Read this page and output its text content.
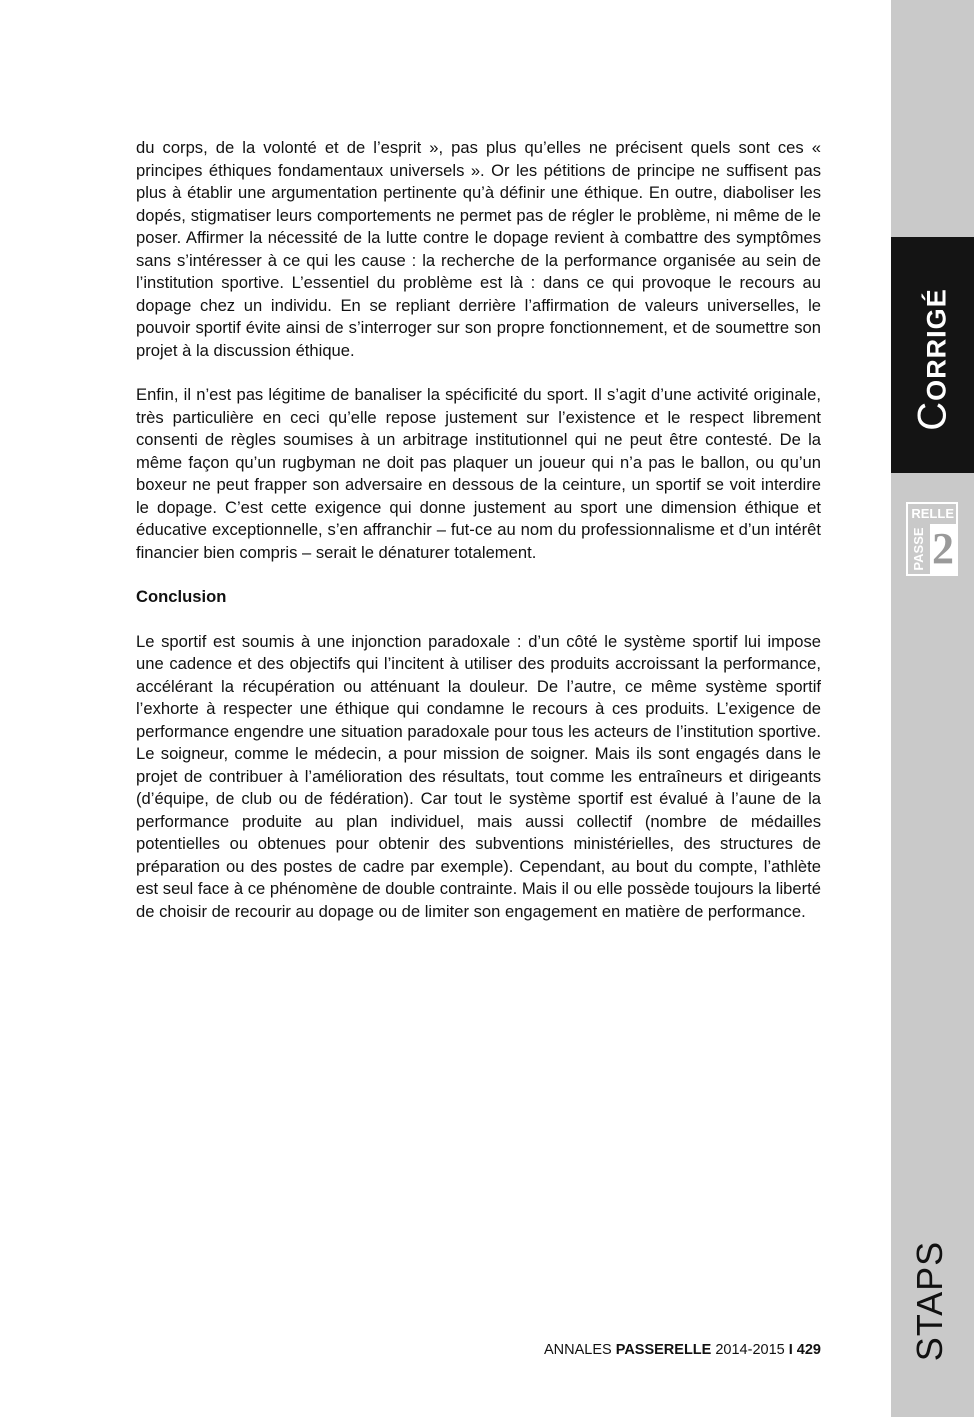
du corps, de la volonté et de l’esprit », pas plus qu’elles ne précisent quels sont ces « principes éthiques fondamentaux universels ». Or les pétitions de principe ne suffisent pas plus à établir une argumentation pertinente qu’à définir une éthique. En outre, diaboliser les dopés, stigmatiser leurs comportements ne permet pas de régler le problème, ni même de le poser. Affirmer la nécessité de la lutte contre le dopage revient à combattre des symptômes sans s’intéresser à ce qui les cause : la recherche de la performance organisée au sein de l’institution sportive. L’essentiel du problème est là : dans ce qui provoque le recours au dopage chez un individu. En se repliant derrière l’affirmation de valeurs universelles, le pouvoir sportif évite ainsi de s’interroger sur son propre fonctionnement, et de soumettre son projet à la discussion éthique.

Enfin, il n’est pas légitime de banaliser la spécificité du sport. Il s’agit d’une activité originale, très particulière en ceci qu’elle repose justement sur l’existence et le respect librement consenti de règles soumises à un arbitrage institutionnel qui ne peut être contesté. De la même façon qu’un rugbyman ne doit pas plaquer un joueur qui n’a pas le ballon, ou qu’un boxeur ne peut frapper son adversaire en dessous de la ceinture, un sportif se voit interdire le dopage. C’est cette exigence qui donne justement au sport une dimension éthique et éducative exceptionnelle, s’en affranchir – fut-ce au nom du professionnalisme et d’un intérêt financier bien compris – serait le dénaturer totalement.

Conclusion

Le sportif est soumis à une injonction paradoxale : d’un côté le système sportif lui impose une cadence et des objectifs qui l’incitent à utiliser des produits accroissant la performance, accélérant la récupération ou atténuant la douleur. De l’autre, ce même système sportif l’exhorte à respecter une éthique qui condamne le recours à ces produits. L’exigence de performance engendre une situation paradoxale pour tous les acteurs de l’institution sportive. Le soigneur, comme le médecin, a pour mission de soigner. Mais ils sont engagés dans le projet de contribuer à l’amélioration des résultats, tout comme les entraîneurs et dirigeants (d’équipe, de club ou de fédération). Car tout le système sportif est évalué à l’aune de la performance produite au plan individuel, mais aussi collectif (nombre de médailles potentielles ou obtenues pour obtenir des subventions ministérielles, des structures de préparation ou des postes de cadre par exemple). Cependant, au bout du compte, l’athlète est seul face à ce phénomène de double contrainte. Mais il ou elle possède toujours la liberté de choisir de recourir au dopage ou de limiter son engagement en matière de performance.

CORRIGÉ
RELLE
PASSE 2
STAPS
ANNALES PASSERELLE 2014-2015 I 429
